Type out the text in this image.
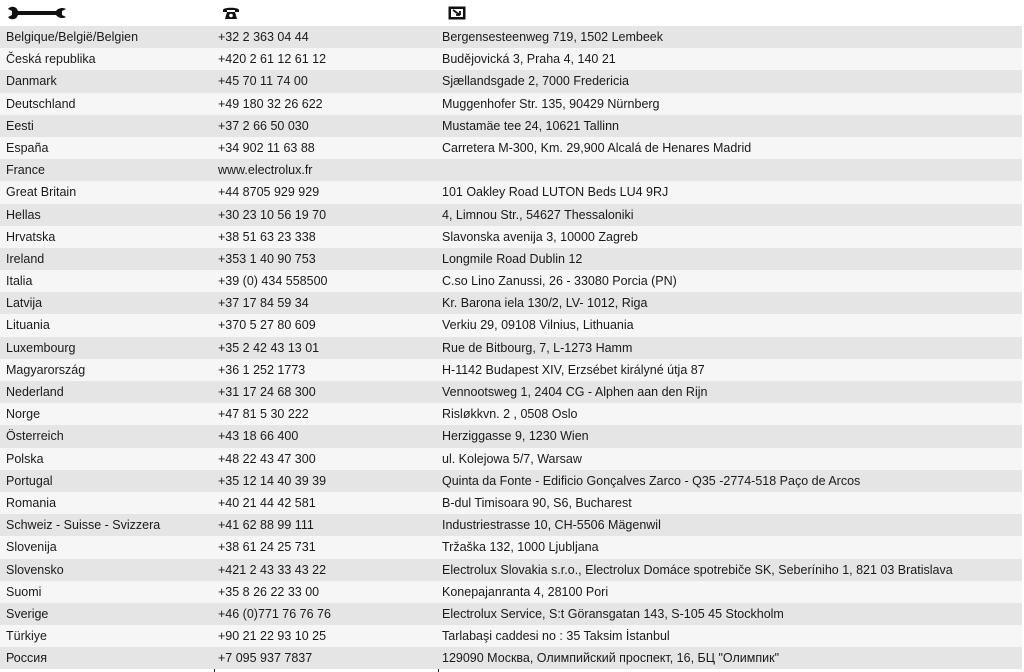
Belgique/België/Belgien	+32 2 363 04 44	Bergensesteenweg 719, 1502 Lembeek
Česká republika	+420 2 61 12 61 12	Budějovická 3, Praha 4, 140 21
Danmark	+45 70 11 74 00	Sjællandsgade 2, 7000 Fredericia
Deutschland	+49 180 32 26 622	Muggenhofer Str. 135, 90429 Nürnberg
Eesti	+37 2 66 50 030	Mustamäe tee 24, 10621 Tallinn
España	+34 902 11 63 88	Carretera M-300, Km. 29,900 Alcalá de Henares Madrid
France	www.electrolux.fr
Great Britain	+44 8705 929 929	101 Oakley Road LUTON Beds LU4 9RJ
Hellas	+30 23 10 56 19 70	4, Limnou Str., 54627 Thessaloniki
Hrvatska	+38 51 63 23 338	Slavonska avenija 3, 10000 Zagreb
Ireland	+353 1 40 90 753	Longmile Road Dublin 12
Italia	+39 (0) 434 558500	C.so Lino Zanussi, 26 - 33080 Porcia (PN)
Latvija	+37 17 84 59 34	Kr. Barona iela 130/2, LV- 1012, Riga
Lituania	+370 5 27 80 609	Verkiu 29, 09108 Vilnius, Lithuania
Luxembourg	+35 2 42 43 13 01	Rue de Bitbourg, 7, L-1273 Hamm
Magyarország	+36 1 252 1773	H-1142 Budapest XIV, Erzsébet királyné útja 87
Nederland	+31 17 24 68 300	Vennootsweg 1, 2404 CG - Alphen aan den Rijn
Norge	+47 81 5 30 222	Risløkkvn. 2 , 0508 Oslo
Österreich	+43 18 66 400	Herziggasse 9, 1230 Wien
Polska	+48 22 43 47 300	ul. Kolejowa 5/7, Warsaw
Portugal	+35 12 14 40 39 39	Quinta da Fonte - Edificio Gonçalves Zarco - Q35 -2774-518 Paço de Arcos
Romania	+40 21 44 42 581	B-dul Timisoara 90, S6, Bucharest
Schweiz - Suisse - Svizzera	+41 62 88 99 111	Industriestrasse 10, CH-5506 Mägenwil
Slovenija	+38 61 24 25 731	Tržaška 132, 1000 Ljubljana
Slovensko	+421 2 43 33 43 22	Electrolux Slovakia s.r.o., Electrolux Domáce spotrebiče SK, Seberíniho 1, 821 03 Bratislava
Suomi	+35 8 26 22 33 00	Konepajanranta 4, 28100 Pori
Sverige	+46 (0)771 76 76 76	Electrolux Service, S:t Göransgatan 143, S-105 45 Stockholm
Türkiye	+90 21 22 93 10 25	Tarlabaşi caddesi no : 35 Taksim İstanbul
Россия	+7 095 937 7837	129090 Москва, Олимпийский проспект, 16, БЦ "Олимпик"
